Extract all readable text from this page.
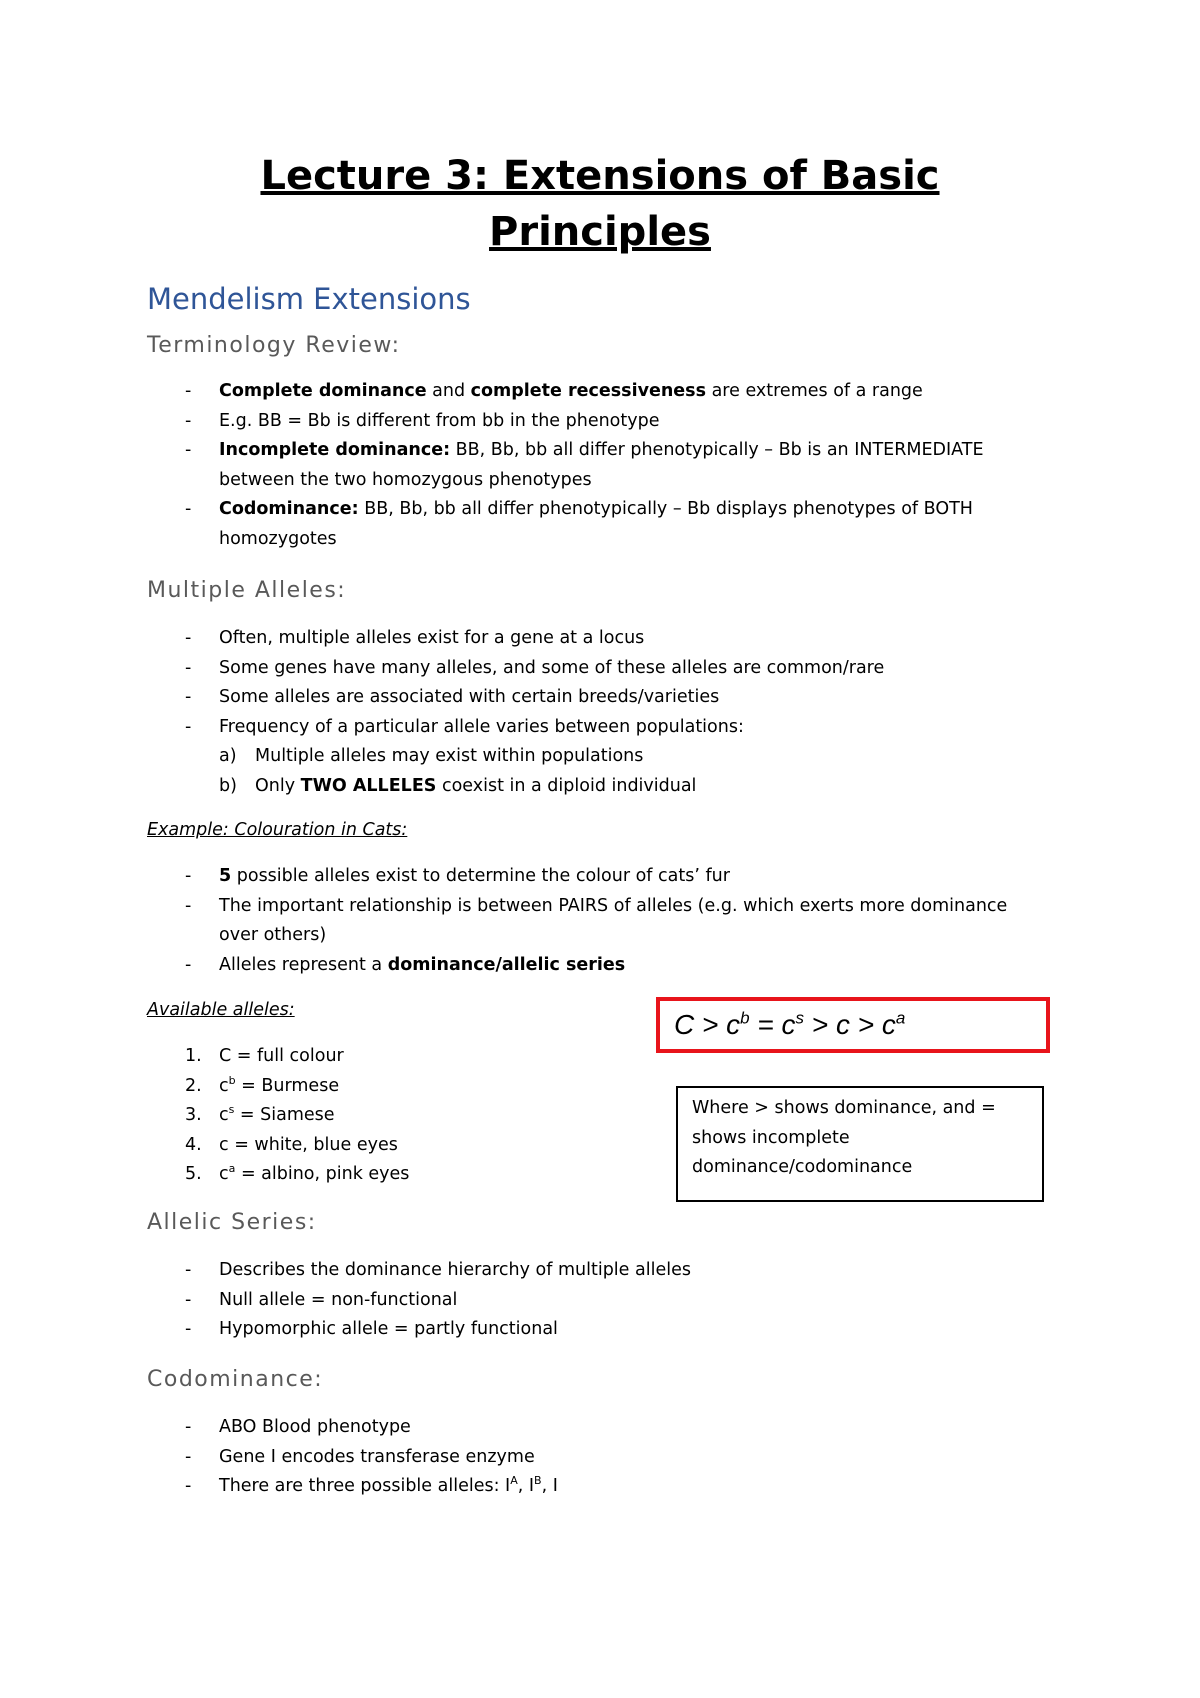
Lecture 3: Extensions of Basic
Principles
Mendelism Extensions
Terminology Review:
- Complete dominance and complete recessiveness are extremes of a range
- E.g. BB = Bb is different from bb in the phenotype
- Incomplete dominance: BB, Bb, bb all differ phenotypically – Bb is an INTERMEDIATE between the two homozygous phenotypes
- Codominance: BB, Bb, bb all differ phenotypically – Bb displays phenotypes of BOTH homozygotes
Multiple Alleles:
- Often, multiple alleles exist for a gene at a locus
- Some genes have many alleles, and some of these alleles are common/rare
- Some alleles are associated with certain breeds/varieties
- Frequency of a particular allele varies between populations:
a) Multiple alleles may exist within populations
b) Only TWO ALLELES coexist in a diploid individual

Example: Colouration in Cats:

- 5 possible alleles exist to determine the colour of cats’ fur
- The important relationship is between PAIRS of alleles (e.g. which exerts more dominance over others)
- Alleles represent a dominance/allelic series

Available alleles:

1. C = full colour
2. $c^b$ = Burmese
3. $c^s$ = Siamese
4. c = white, blue eyes
5. $c^a$ = albino, pink eyes
$C > c^b = c^s > c > c^a$
Where > shows dominance, and = shows incomplete dominance/codominance
Allelic Series:
- Describes the dominance hierarchy of multiple alleles
- Null allele = non-functional
- Hypomorphic allele = partly functional
Codominance:
- ABO Blood phenotype
- Gene I encodes transferase enzyme
- There are three possible alleles: $I^A$, $I^B$, I
